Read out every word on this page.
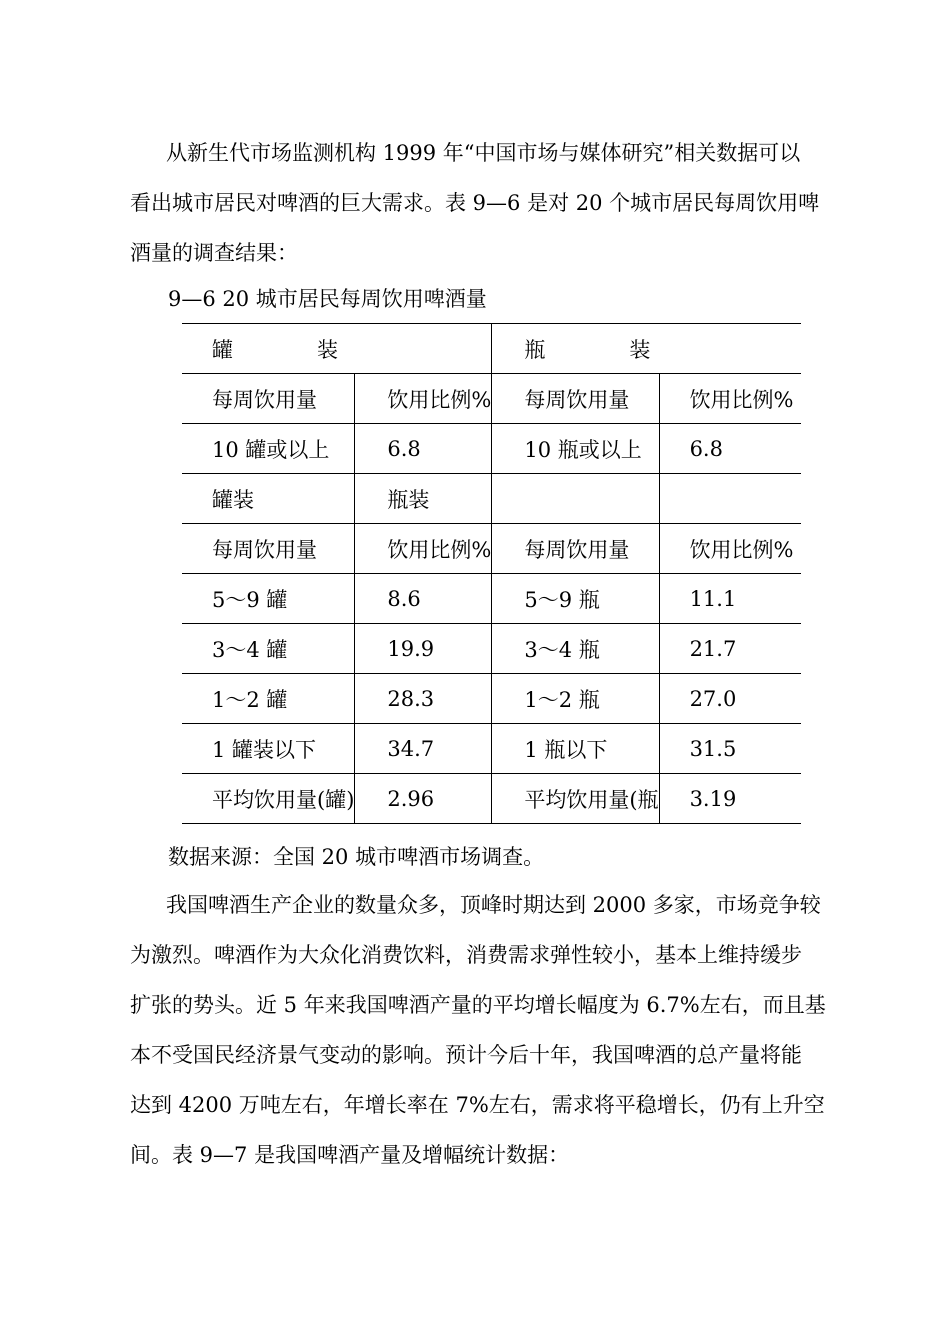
从新生代市场监测机构 1999 年“中国市场与媒体研究”相关数据可以
看出城市居民对啤酒的巨大需求。表 9—6 是对 20 个城市居民每周饮用啤
酒量的调查结果：
9—6 20 城市居民每周饮用啤酒量
罐　　　　装		瓶　　　　装	
每周饮用量	饮用比例%	每周饮用量	饮用比例%
10 罐或以上	6.8	10 瓶或以上	6.8
罐装	瓶装		
每周饮用量	饮用比例%	每周饮用量	饮用比例%
5～9 罐	8.6	5～9 瓶	11.1
3～4 罐	19.9	3～4 瓶	21.7
1～2 罐	28.3	1～2 瓶	27.0
1 罐装以下	34.7	1 瓶以下	31.5
平均饮用量(罐)	2.96	平均饮用量(瓶	3.19
数据来源：全国 20 城市啤酒市场调查。
我国啤酒生产企业的数量众多，顶峰时期达到 2000 多家，市场竞争较
为激烈。啤酒作为大众化消费饮料，消费需求弹性较小，基本上维持缓步
扩张的势头。近 5 年来我国啤酒产量的平均增长幅度为 6.7%左右，而且基
本不受国民经济景气变动的影响。预计今后十年，我国啤酒的总产量将能
达到 4200 万吨左右，年增长率在 7%左右，需求将平稳增长，仍有上升空
间。表 9—7 是我国啤酒产量及增幅统计数据：
